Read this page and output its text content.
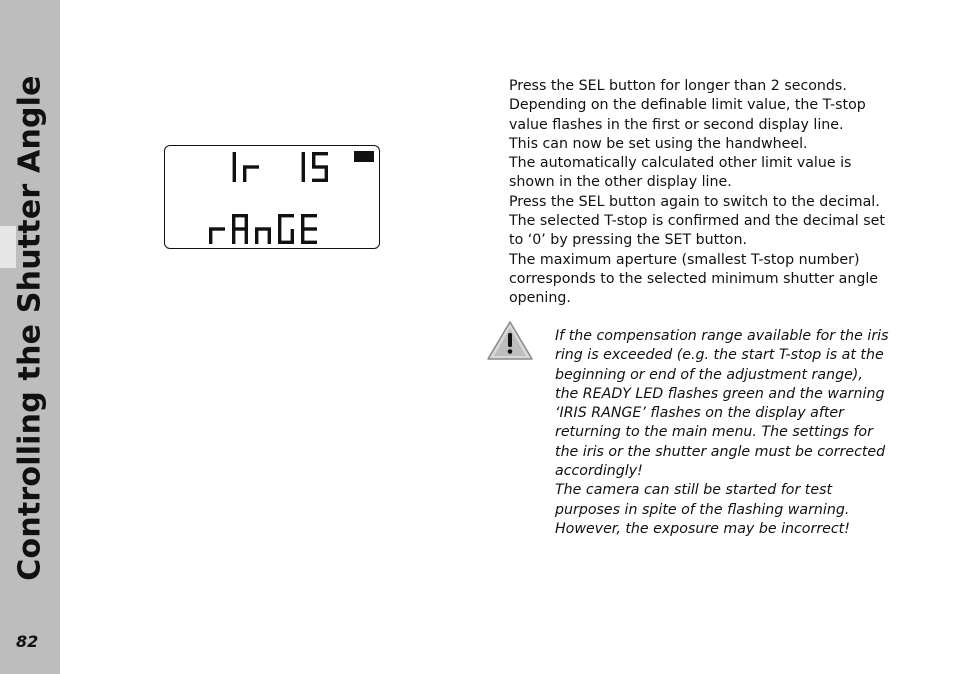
Controlling the Shutter Angle
82

Press the SEL button for longer than 2 seconds.

Depending on the definable limit value, the T-stop value flashes in the first or second display line.

This can now be set using the handwheel.

The automatically calculated other limit value is shown in the other display line.

Press the SEL button again to switch to the decimal.

The selected T-stop is confirmed and the decimal set to ‘0’ by pressing the SET button.

The maximum aperture (smallest T-stop number) corresponds to the selected minimum shutter angle opening.

If the compensation range available for the iris ring is exceeded (e.g. the start T-stop is at the beginning or end of the adjustment range), the READY LED flashes green and the warning ‘IRIS RANGE’ flashes on the display after returning to the main menu. The settings for the iris or the shutter angle must be corrected accordingly!

The camera can still be started for test purposes in spite of the flashing warning. However, the exposure may be incorrect!
